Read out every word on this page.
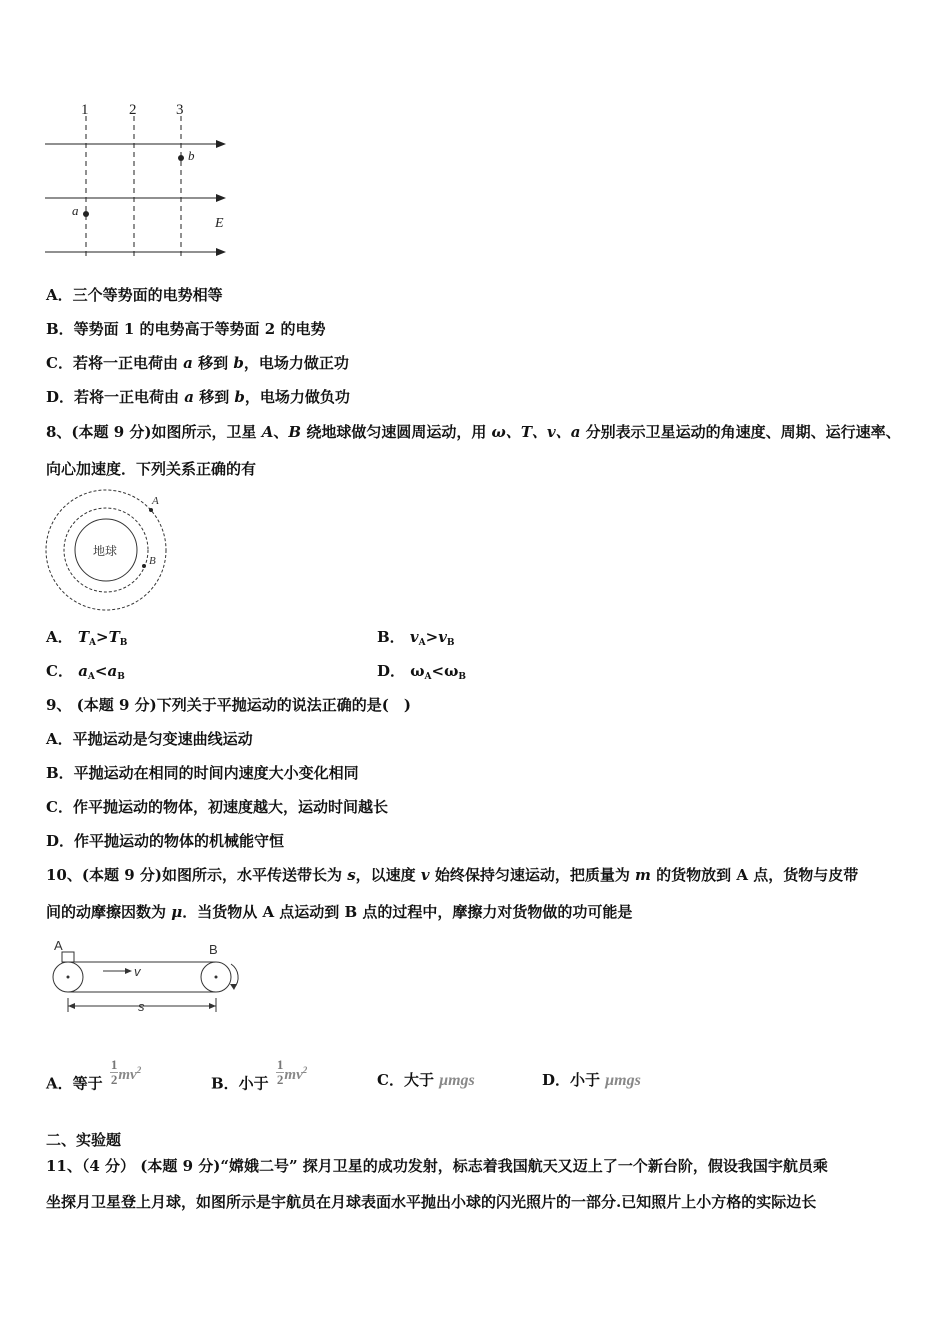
1	2	3
a
b
E
A．三个等势面的电势相等
B．等势面 1 的电势高于等势面 2 的电势
C．若将一正电荷由 a 移到 b，电场力做正功
D．若将一正电荷由 a 移到 b，电场力做负功
8、(本题 9 分)如图所示，卫星 A、B 绕地球做匀速圆周运动，用 ω、T、v、a 分别表示卫星运动的角速度、周期、运行速率、
向心加速度．下列关系正确的有
地球
A
B
A． $T_A>T_B$	B． $v_A>v_B$
C． $a_A<a_B$	D． $\omega_A<\omega_B$
9、 (本题 9 分)下列关于平抛运动的说法正确的是(　)
A．平抛运动是匀变速曲线运动
B．平抛运动在相同的时间内速度大小变化相同
C．作平抛运动的物体，初速度越大，运动时间越长
D．作平抛运动的物体的机械能守恒
10、(本题 9 分)如图所示，水平传送带长为 s，以速度 v 始终保持匀速运动，把质量为 m 的货物放到 A 点，货物与皮带
间的动摩擦因数为 μ．当货物从 A 点运动到 B 点的过程中，摩擦力对货物做的功可能是
A	B
v
s
A．等于 $\frac{1}{2}mv^2$
B．小于 $\frac{1}{2}mv^2$
C．大于 μmgs	D．小于 μmgs
二、实验题
11、（4 分） (本题 9 分)“嫦娥二号” 探月卫星的成功发射，标志着我国航天又迈上了一个新台阶，假设我国宇航员乘
坐探月卫星登上月球，如图所示是宇航员在月球表面水平抛出小球的闪光照片的一部分.已知照片上小方格的实际边长
